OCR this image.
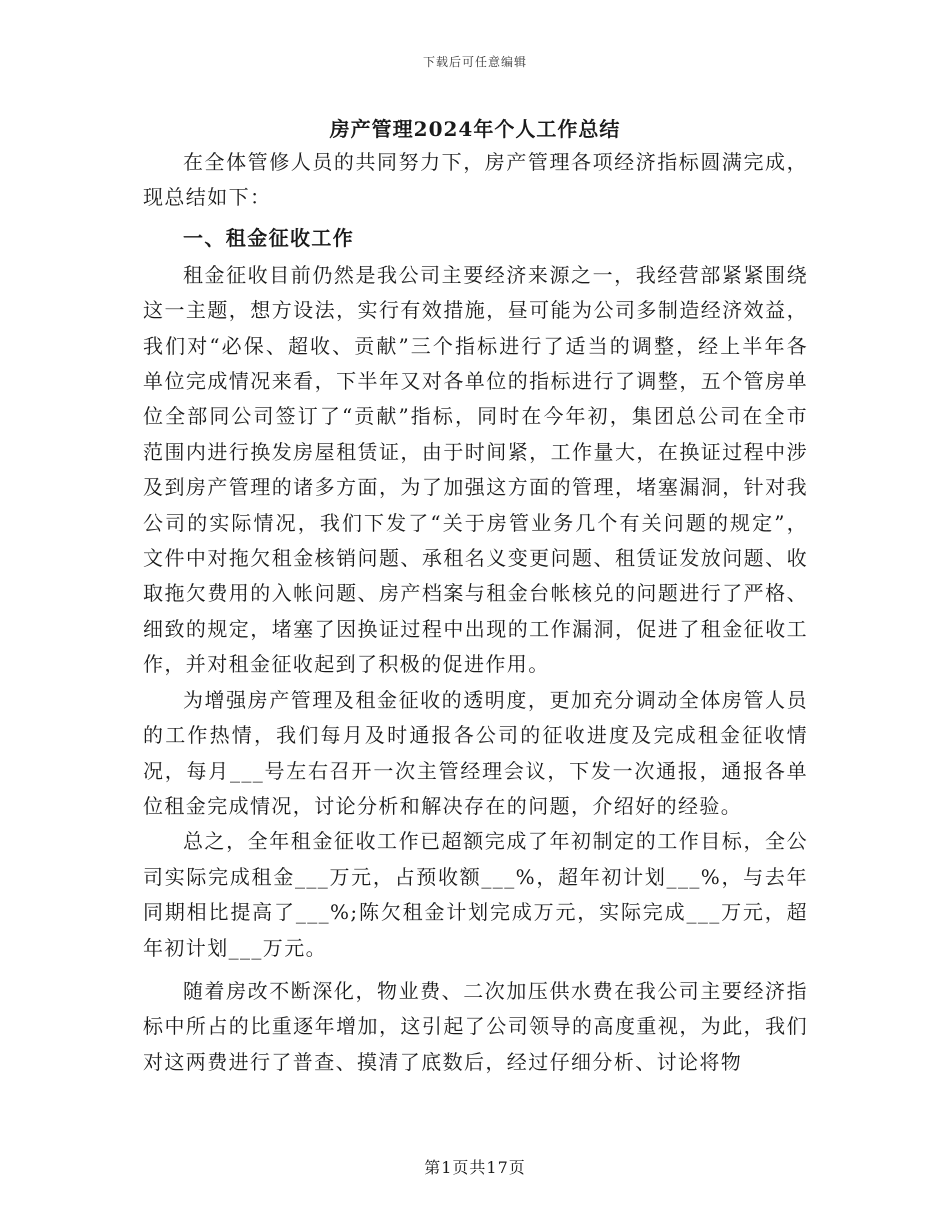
下载后可任意编辑
房产管理2024年个人工作总结

在全体管修人员的共同努力下，房产管理各项经济指标圆满完成，现总结如下：

一、租金征收工作

租金征收目前仍然是我公司主要经济来源之一，我经营部紧紧围绕这一主题，想方设法，实行有效措施，昼可能为公司多制造经济效益，我们对“必保、超收、贡献”三个指标进行了适当的调整，经上半年各单位完成情况来看，下半年又对各单位的指标进行了调整，五个管房单位全部同公司签订了“贡献”指标，同时在今年初，集团总公司在全市范围内进行换发房屋租赁证，由于时间紧，工作量大，在换证过程中涉及到房产管理的诸多方面，为了加强这方面的管理，堵塞漏洞，针对我公司的实际情况，我们下发了“关于房管业务几个有关问题的规定”，文件中对拖欠租金核销问题、承租名义变更问题、租赁证发放问题、收取拖欠费用的入帐问题、房产档案与租金台帐核兑的问题进行了严格、细致的规定，堵塞了因换证过程中出现的工作漏洞，促进了租金征收工作，并对租金征收起到了积极的促进作用。

为增强房产管理及租金征收的透明度，更加充分调动全体房管人员的工作热情，我们每月及时通报各公司的征收进度及完成租金征收情况，每月___号左右召开一次主管经理会议，下发一次通报，通报各单位租金完成情况，讨论分析和解决存在的问题，介绍好的经验。

总之，全年租金征收工作已超额完成了年初制定的工作目标，全公司实际完成租金___万元，占预收额___%，超年初计划___%，与去年同期相比提高了___%;陈欠租金计划完成万元，实际完成___万元，超年初计划___万元。

随着房改不断深化，物业费、二次加压供水费在我公司主要经济指标中所占的比重逐年增加，这引起了公司领导的高度重视，为此，我们对这两费进行了普查、摸清了底数后，经过仔细分析、讨论将物

第1页共17页
